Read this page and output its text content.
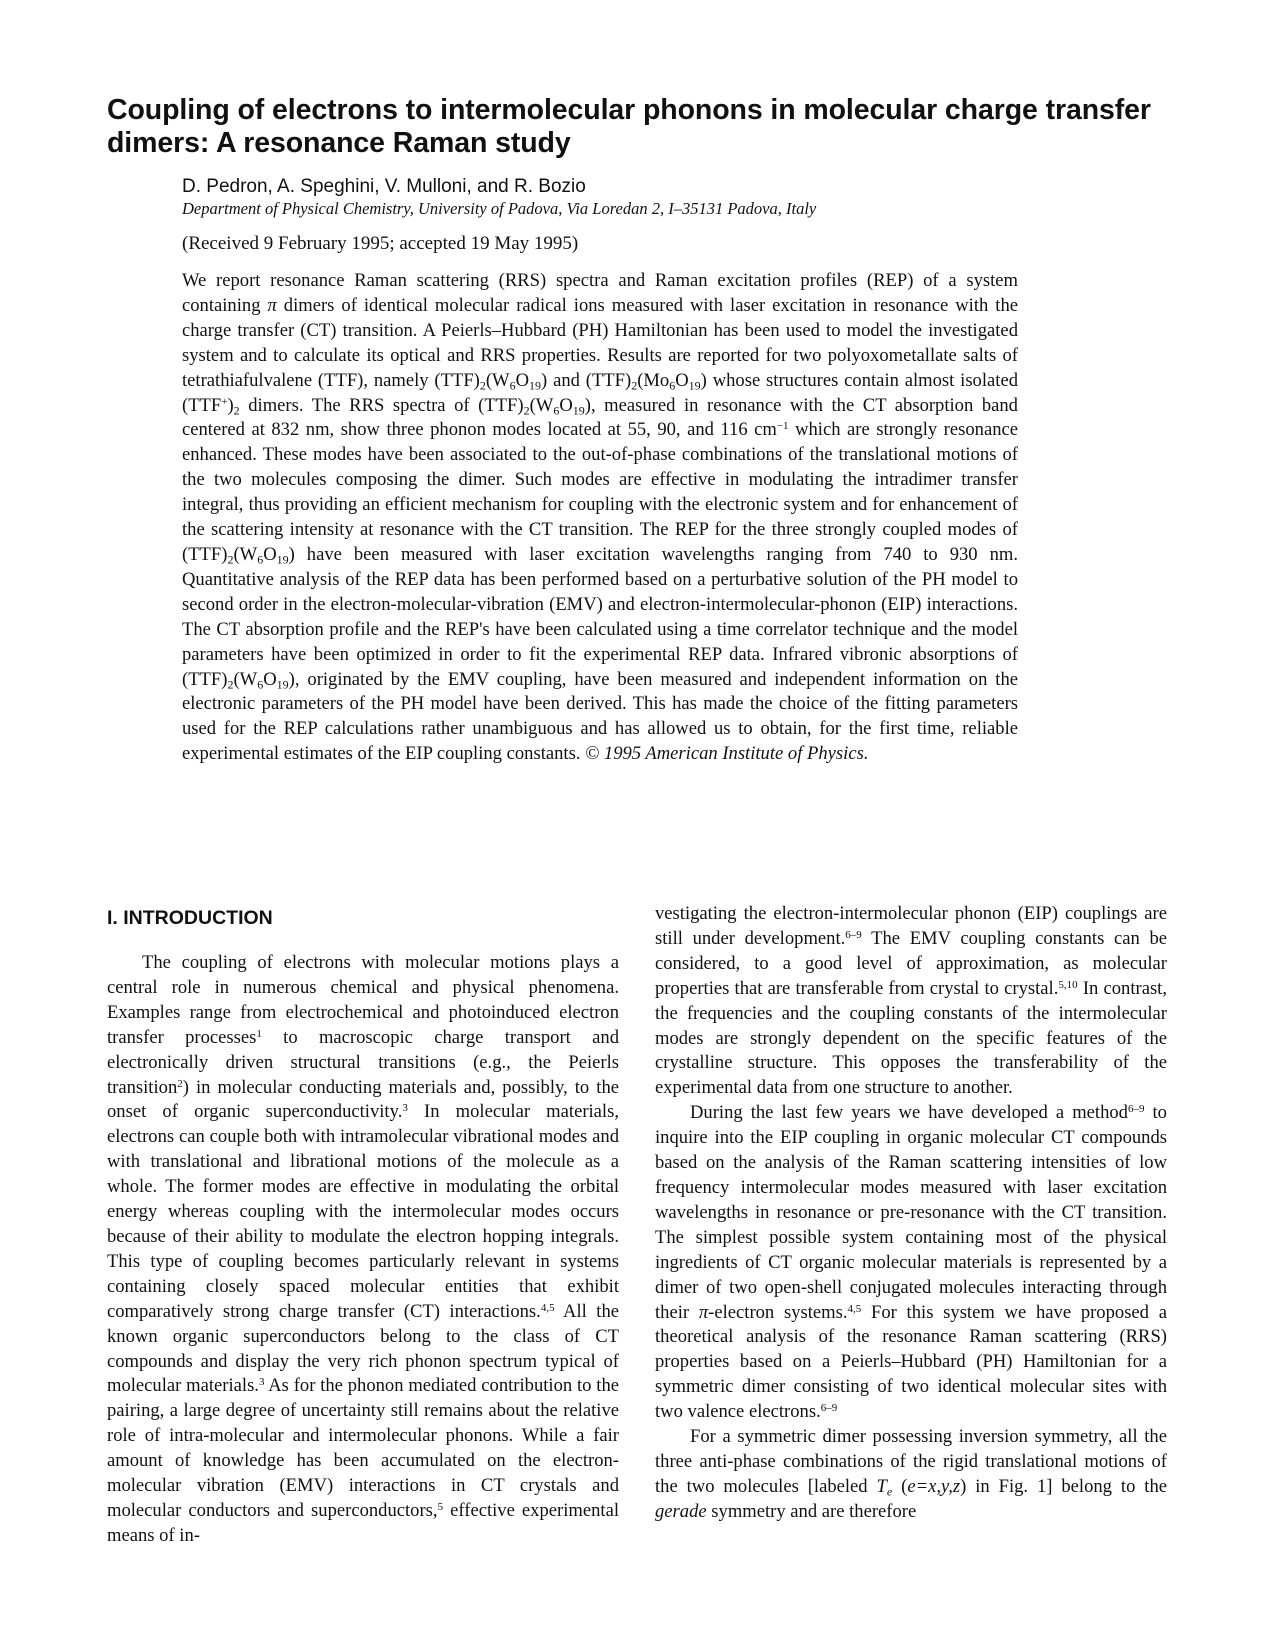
Coupling of electrons to intermolecular phonons in molecular charge transfer dimers: A resonance Raman study
D. Pedron, A. Speghini, V. Mulloni, and R. Bozio
Department of Physical Chemistry, University of Padova, Via Loredan 2, I–35131 Padova, Italy
(Received 9 February 1995; accepted 19 May 1995)

We report resonance Raman scattering (RRS) spectra and Raman excitation profiles (REP) of a system containing π dimers of identical molecular radical ions measured with laser excitation in resonance with the charge transfer (CT) transition. A Peierls–Hubbard (PH) Hamiltonian has been used to model the investigated system and to calculate its optical and RRS properties. Results are reported for two polyoxometallate salts of tetrathiafulvalene (TTF), namely $(TTF)_2(W_6O_{19})$ and $(TTF)_2(Mo_6O_{19})$ whose structures contain almost isolated $(TTF^+)_2$ dimers. The RRS spectra of $(TTF)_2(W_6O_{19})$, measured in resonance with the CT absorption band centered at 832 nm, show three phonon modes located at 55, 90, and 116 $cm^{-1}$ which are strongly resonance enhanced. These modes have been associated to the out-of-phase combinations of the translational motions of the two molecules composing the dimer. Such modes are effective in modulating the intradimer transfer integral, thus providing an efficient mechanism for coupling with the electronic system and for enhancement of the scattering intensity at resonance with the CT transition. The REP for the three strongly coupled modes of $(TTF)_2(W_6O_{19})$ have been measured with laser excitation wavelengths ranging from 740 to 930 nm. Quantitative analysis of the REP data has been performed based on a perturbative solution of the PH model to second order in the electron-molecular-vibration (EMV) and electron-intermolecular-phonon (EIP) interactions. The CT absorption profile and the REP's have been calculated using a time correlator technique and the model parameters have been optimized in order to fit the experimental REP data. Infrared vibronic absorptions of $(TTF)_2(W_6O_{19})$, originated by the EMV coupling, have been measured and independent information on the electronic parameters of the PH model have been derived. This has made the choice of the fitting parameters used for the REP calculations rather unambiguous and has allowed us to obtain, for the first time, reliable experimental estimates of the EIP coupling constants. © 1995 American Institute of Physics.

I. INTRODUCTION

The coupling of electrons with molecular motions plays a central role in numerous chemical and physical phenomena. Examples range from electrochemical and photoinduced electron transfer processes$^1$ to macroscopic charge transport and electronically driven structural transitions (e.g., the Peierls transition$^2$) in molecular conducting materials and, possibly, to the onset of organic superconductivity.$^3$ In molecular materials, electrons can couple both with intramolecular vibrational modes and with translational and librational motions of the molecule as a whole. The former modes are effective in modulating the orbital energy whereas coupling with the intermolecular modes occurs because of their ability to modulate the electron hopping integrals. This type of coupling becomes particularly relevant in systems containing closely spaced molecular entities that exhibit comparatively strong charge transfer (CT) interactions.$^{4,5}$ All the known organic superconductors belong to the class of CT compounds and display the very rich phonon spectrum typical of molecular materials.$^3$ As for the phonon mediated contribution to the pairing, a large degree of uncertainty still remains about the relative role of intra-molecular and intermolecular phonons. While a fair amount of knowledge has been accumulated on the electron-molecular vibration (EMV) interactions in CT crystals and molecular conductors and superconductors,$^5$ effective experimental means of in-

vestigating the electron-intermolecular phonon (EIP) couplings are still under development.$^{6-9}$ The EMV coupling constants can be considered, to a good level of approximation, as molecular properties that are transferable from crystal to crystal.$^{5,10}$ In contrast, the frequencies and the coupling constants of the intermolecular modes are strongly dependent on the specific features of the crystalline structure. This opposes the transferability of the experimental data from one structure to another.

During the last few years we have developed a method$^{6-9}$ to inquire into the EIP coupling in organic molecular CT compounds based on the analysis of the Raman scattering intensities of low frequency intermolecular modes measured with laser excitation wavelengths in resonance or pre-resonance with the CT transition. The simplest possible system containing most of the physical ingredients of CT organic molecular materials is represented by a dimer of two open-shell conjugated molecules interacting through their π-electron systems.$^{4,5}$ For this system we have proposed a theoretical analysis of the resonance Raman scattering (RRS) properties based on a Peierls–Hubbard (PH) Hamiltonian for a symmetric dimer consisting of two identical molecular sites with two valence electrons.$^{6-9}$

For a symmetric dimer possessing inversion symmetry, all the three anti-phase combinations of the rigid translational motions of the two molecules [labeled $T_e$ (e=x,y,z) in Fig. 1] belong to the gerade symmetry and are therefore
